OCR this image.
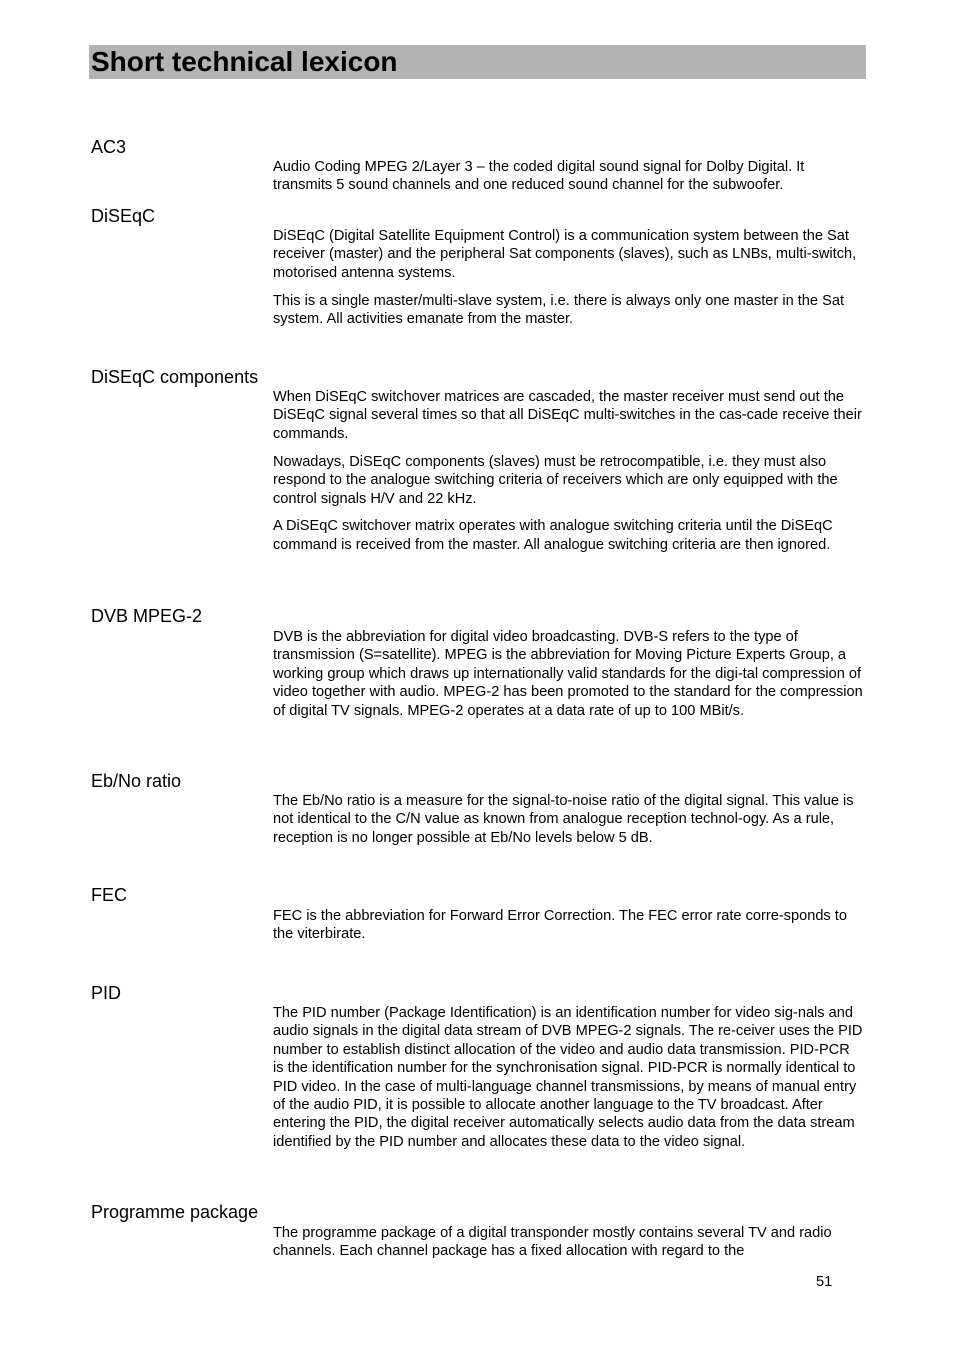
Short technical lexicon
AC3

Audio Coding MPEG 2/Layer 3 – the coded digital sound signal for Dolby Digital. It transmits 5 sound channels and one reduced sound channel for the subwoofer.

DiSEqC

DiSEqC (Digital Satellite Equipment Control) is a communication system between the Sat receiver (master) and the peripheral Sat components (slaves), such as LNBs, multi-switch, motorised antenna systems.

This is a single master/multi-slave system, i.e. there is always only one master in the Sat system. All activities emanate from the master.

DiSEqC components

When DiSEqC switchover matrices are cascaded, the master receiver must send out the DiSEqC signal several times so that all DiSEqC multi-switches in the cas-cade receive their commands.

Nowadays, DiSEqC components (slaves) must be retrocompatible, i.e. they must also respond to the analogue switching criteria of receivers which are only equipped with the control signals H/V and 22 kHz.

A DiSEqC switchover matrix operates with analogue switching criteria until the DiSEqC command is received from the master. All analogue switching criteria are then ignored.

DVB MPEG-2

DVB is the abbreviation for digital video broadcasting. DVB-S refers to the type of transmission (S=satellite). MPEG is the abbreviation for Moving Picture Experts Group, a working group which draws up internationally valid standards for the digi-tal compression of video together with audio. MPEG-2 has been promoted to the standard for the compression of digital TV signals. MPEG-2 operates at a data rate of up to 100 MBit/s.

Eb/No ratio

The Eb/No ratio is a measure for the signal-to-noise ratio of the digital signal. This value is not identical to the C/N value as known from analogue reception technol-ogy. As a rule, reception is no longer possible at Eb/No levels below 5 dB.

FEC

FEC is the abbreviation for Forward Error Correction. The FEC error rate corre-sponds to the viterbirate.

PID

The PID number (Package Identification) is an identification number for video sig-nals and audio signals in the digital data stream of DVB MPEG-2 signals. The re-ceiver uses the PID number to establish distinct allocation of the video and audio data transmission. PID-PCR is the identification number for the synchronisation signal. PID-PCR is normally identical to PID video. In the case of multi-language channel transmissions, by means of manual entry of the audio PID, it is possible to allocate another language to the TV broadcast. After entering the PID, the digital receiver automatically selects audio data from the data stream identified by the PID number and allocates these data to the video signal.

Programme package

The programme package of a digital transponder mostly contains several TV and radio channels. Each channel package has a fixed allocation with regard to the

51
